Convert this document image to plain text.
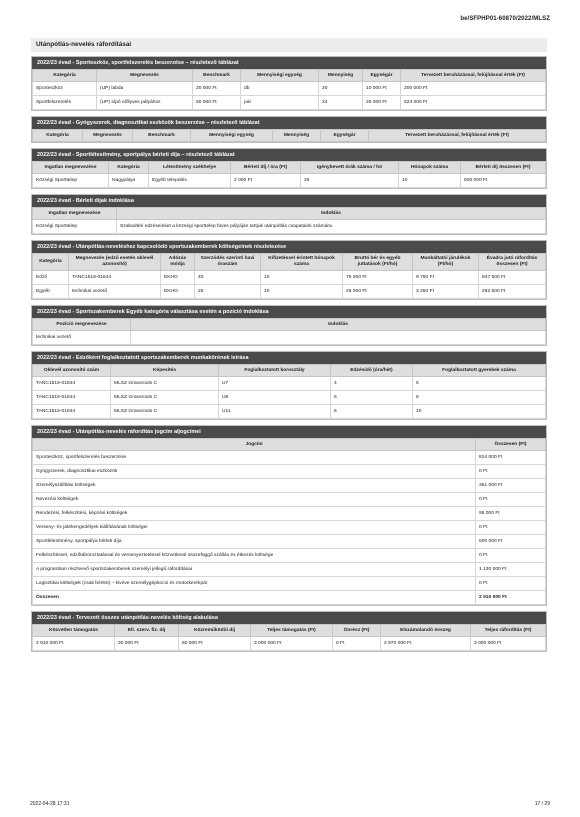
be/SFPHP01-60870/2022/MLSZ
Utánpótlás-nevelés ráfordításai
2022/23 évad - Sporteszköz, sportfelszerelés beszerzése – részletező táblázat
Kategória	Megnevezés	Benchmark	Mennyiségi egység	Mennyiség	Egységár	Tervezett beruházással, felújítással érték (Ft)
Sporteszköz	(UP) labda	20 000 Ft	db	20	10 000 Ft	200 000 Ft
Sportfelszerelés	(UP) sípő előlyves pályához	50 000 Ft	pár	24	26 000 Ft	624 000 Ft
2022/23 évad - Gyógyszerek, diagnosztikai eszközök beszerzése – részletező táblázat
Kategória	Megnevezés	Benchmark	Mennyiségi egység	Mennyiség	Egységár	Tervezett beruházással, felújítással érték (Ft)
2022/23 évad - Sportlétesítmény, sportpálya bérleti díja – részletező táblázat
Ingatlan megnevezése	Kategória	Létesítmény székhelye	Bérleti díj / óra (Ft)	Igénybevett órák száma / hó	Hónapok száma	Bérleti díj összesen (Ft)
Községi Sporttelep	Nagypálya	Egyéb település	2 000 Ft	25	10	500 000 Ft
2022/23 évad - Bérleti díjak indoklása
Ingatlan megnevezése	Indoklás
Községi Sporttelep	Szabadtéri edzéseinket a községi sporttelep füves pályáján tartjuk utánpótlás csapataink számára.
2022/23 évad - Utánpótlás-neveléshez kapcsolódó sportszakemberek költségeinek részletezése
Kategória	Megnevezés (edző esetén oklevél azonosító)	Adózás módja	Szerződés szerinti havi óraszám	Kifizetéssel érintett hónapok száma	Bruttó bér és egyéb juttatások (Ft/hó)	Munkáltatói járulékok (Ft/hó)	Évadra jutó ráfordítás összesen (Ft)
Edző	TANC1518-01844	EKHO	40	10	75 000 Ft	9 750 Ft	847 500 Ft
Egyéb	technikai vezető	EKHO	25	10	25 000 Ft	3 250 Ft	282 500 Ft
2022/23 évad - Sportszakemberek Egyéb kategória választása esetén a pozíció indoklása
Pozíció megnevezése	Indoklás
technikai vezető	
2022/23 évad - Edzőként foglalkoztatott sportszakemberek munkakörének leírása
Oklevél azonosító szám	Képesítés	Foglalkoztatott korosztály	Edzésidő (óra/hét)	Foglalkoztatott gyerekek száma
TANC1518-01844	MLSZ Grassroots C	U7	4	6
TANC1518-01844	MLSZ Grassroots C	U9	6	8
TANC1518-01844	MLSZ Grassroots C	U11	6	10
2022/23 évad - Utánpótlás-nevelés ráfordítás jogcím aljogcímei
Jogcím	Összesen (Ft)
Sporteszköz, sportfelszerelés beszerzése	824 000 Ft
Gyógyszerek, diagnosztikai eszközök	0 Ft
Személyszállítási költségek	361 000 Ft
Nevezési költségek	0 Ft
Rendezési, felkészítési, képzési költségek	95 000 Ft
Verseny- és játékengedélyek kiállításának költségei	0 Ft
Sportlétesítmény, sportpálya bérleti díja	500 000 Ft
Felkészítéssel, edzőtáboroztatással és versenyeztetéssel közvetlenül összefüggő szállás és étkezés költsége	0 Ft
A programban résztvevő sportszakemberek személyi jellegű ráfordításai	1 130 000 Ft
Logisztikai költségek (csak bérleti) – kivéve személygépkocsi és motorkerékpár	0 Ft
Összesen	2 910 000 Ft
2022/23 évad - Tervezett összes utánpótlás-nevelés költség alakulása
Közvetlen támogatás	Ell. szerv. fiz. díj	Közreműködői díj	Teljes támogatás (Ft)	Önrész (Ft)	Elszámolandó összeg	Teljes ráfordítás (Ft)
2 910 000 Ft	30 000 Ft	60 000 Ft	3 000 000 Ft	0 Ft	2 970 000 Ft	3 000 000 Ft
2022-04-28 17:31	17 / 29
